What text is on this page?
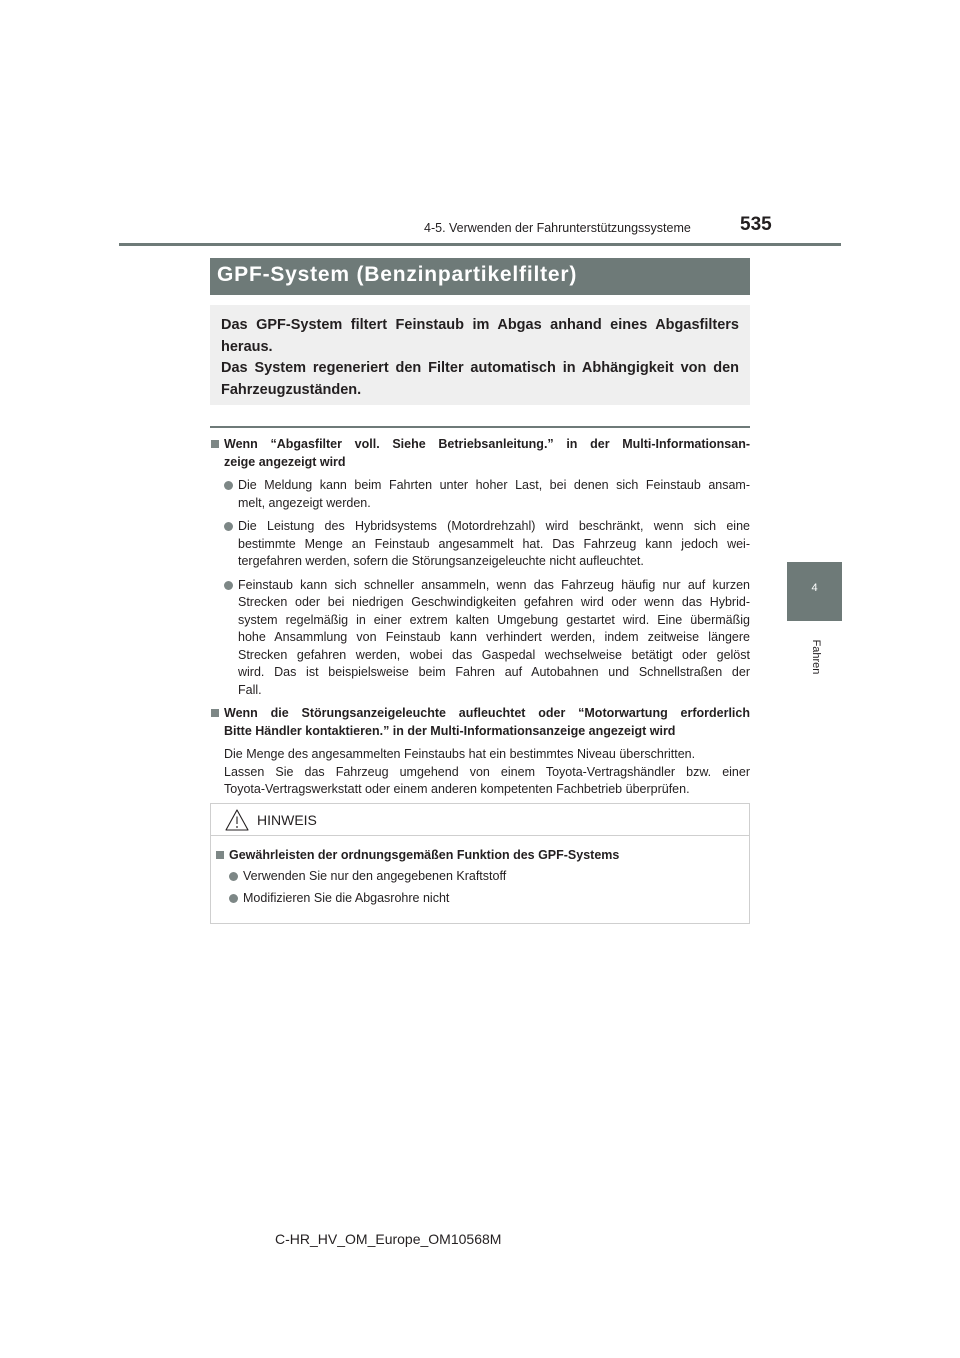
4-5. Verwenden der Fahrunterstützungssysteme	535
4
Fahren
GPF-System (Benzinpartikelfilter)
Das GPF-System filtert Feinstaub im Abgas anhand eines Abgasfilters
heraus.
Das System regeneriert den Filter automatisch in Abhängigkeit von den
Fahrzeugzuständen.
Wenn “Abgasfilter voll. Siehe Betriebsanleitung.” in der Multi-Informationsan-
zeige angezeigt wird
Die Meldung kann beim Fahrten unter hoher Last, bei denen sich Feinstaub ansam-
melt, angezeigt werden.
Die Leistung des Hybridsystems (Motordrehzahl) wird beschränkt, wenn sich eine
bestimmte Menge an Feinstaub angesammelt hat. Das Fahrzeug kann jedoch wei-
tergefahren werden, sofern die Störungsanzeigeleuchte nicht aufleuchtet.
Feinstaub kann sich schneller ansammeln, wenn das Fahrzeug häufig nur auf kurzen
Strecken oder bei niedrigen Geschwindigkeiten gefahren wird oder wenn das Hybrid-
system regelmäßig in einer extrem kalten Umgebung gestartet wird. Eine übermäßig
hohe Ansammlung von Feinstaub kann verhindert werden, indem zeitweise längere
Strecken gefahren werden, wobei das Gaspedal wechselweise betätigt oder gelöst
wird. Das ist beispielsweise beim Fahren auf Autobahnen und Schnellstraßen der
Fall.
Wenn die Störungsanzeigeleuchte aufleuchtet oder “Motorwartung erforderlich
Bitte Händler kontaktieren.” in der Multi-Informationsanzeige angezeigt wird
Die Menge des angesammelten Feinstaubs hat ein bestimmtes Niveau überschritten.
Lassen Sie das Fahrzeug umgehend von einem Toyota-Vertragshändler bzw. einer
Toyota-Vertragswerkstatt oder einem anderen kompetenten Fachbetrieb überprüfen.
HINWEIS
Gewährleisten der ordnungsgemäßen Funktion des GPF-Systems
Verwenden Sie nur den angegebenen Kraftstoff
Modifizieren Sie die Abgasrohre nicht
C-HR_HV_OM_Europe_OM10568M
